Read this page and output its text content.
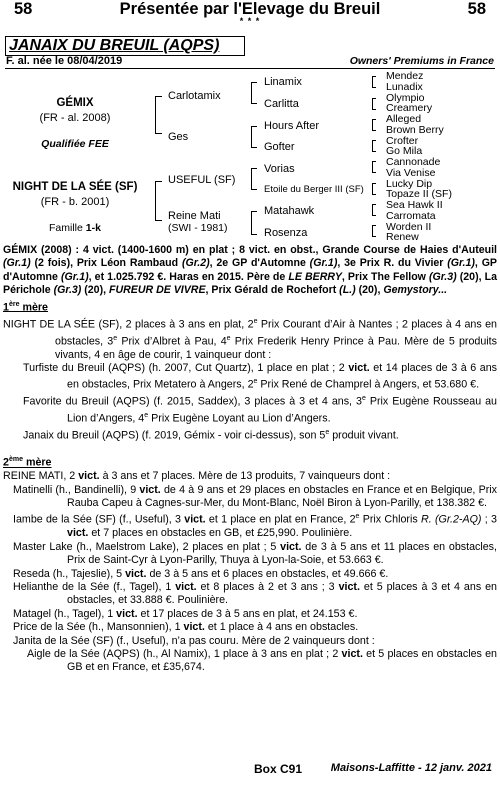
58	Présentée par l'Elevage du Breuil	58
* * *
JANAIX DU BREUIL (AQPS)
F. al. née le 08/04/2019	Owners' Premiums in France
GÉMIX
(FR - al. 2008)
Qualifiée FEE
NIGHT DE LA SÉE (SF)
(FR - b. 2001)
Famille 1-k
Carlotamix
Ges
USEFUL (SF)
Reine Mati
(SWI - 1981)
Linamix
Carlitta
Hours After
Gofter
Vorias
Etoile du Berger III (SF)
Matahawk
Rosenza
Mendez
Lunadix
Olympio
Creamery
Alleged
Brown Berry
Crofter
Go Mila
Cannonade
Via Venise
Lucky Dip
Topaze II (SF)
Sea Hawk II
Carromata
Worden II
Renew

GÉMIX (2008) : 4 vict. (1400-1600 m) en plat ; 8 vict. en obst., Grande Course de Haies d'Auteuil (Gr.1) (2 fois), Prix Léon Rambaud (Gr.2), 2e GP d'Automne (Gr.1), 3e Prix R. du Vivier (Gr.1), GP d'Automne (Gr.1), et 1.025.792 €. Haras en 2015. Père de LE BERRY, Prix The Fellow (Gr.3) (20), La Périchole (Gr.3) (20), FUREUR DE VIVRE, Prix Gérald de Rochefort (L.) (20), Gemystory...

1ère mère

NIGHT DE LA SÉE (SF), 2 places à 3 ans en plat, 2e Prix Courant d’Air à Nantes ; 2 places à 4 ans en obstacles, 3e Prix d’Albret à Pau, 4e Prix Frederik Henry Prince à Pau. Mère de 5 produits vivants, 4 en âge de courir, 1 vainqueur dont :

Turfiste du Breuil (AQPS) (h. 2007, Cut Quartz), 1 place en plat ; 2 vict. et 14 places de 3 à 6 ans en obstacles, Prix Metatero à Angers, 2e Prix René de Champrel à Angers, et 53.680 €.

Favorite du Breuil (AQPS) (f. 2015, Saddex), 3 places à 3 et 4 ans, 3e Prix Eugène Rousseau au Lion d’Angers, 4e Prix Eugène Loyant au Lion d’Angers.

Janaix du Breuil (AQPS) (f. 2019, Gémix - voir ci-dessus), son 5e produit vivant.

2ème mère

REINE MATI, 2 vict. à 3 ans et 7 places. Mère de 13 produits, 7 vainqueurs dont :

Matinelli (h., Bandinelli), 9 vict. de 4 à 9 ans et 29 places en obstacles en France et en Belgique, Prix Rauba Capeu à Cagnes-sur-Mer, du Mont-Blanc, Noël Biron à Lyon-Parilly, et 138.382 €.

Iambe de la Sée (SF) (f., Useful), 3 vict. et 1 place en plat en France, 2e Prix Chloris R. (Gr.2-AQ) ; 3 vict. et 7 places en obstacles en GB, et £25,990. Poulinière.

Master Lake (h., Maelstrom Lake), 2 places en plat ; 5 vict. de 3 à 5 ans et 11 places en obstacles, Prix de Saint-Cyr à Lyon-Parilly, Thuya à Lyon-la-Soie, et 53.663 €.

Reseda (h., Tajeslie), 5 vict. de 3 à 5 ans et 6 places en obstacles, et 49.666 €.

Helianthe de la Sée (f., Tagel), 1 vict. et 8 places à 2 et 3 ans ; 3 vict. et 5 places à 3 et 4 ans en obstacles, et 33.888 €. Poulinière.

Matagel (h., Tagel), 1 vict. et 17 places de 3 à 5 ans en plat, et 24.153 €.

Price de la Sée (h., Mansonnien), 1 vict. et 1 place à 4 ans en obstacles.

Janita de la Sée (SF) (f., Useful), n’a pas couru. Mère de 2 vainqueurs dont :

Aigle de la Sée (AQPS) (h., Al Namix), 1 place à 3 ans en plat ; 2 vict. et 5 places en obstacles en GB et en France, et £35,674.

Box C91	Maisons-Laffitte - 12 janv. 2021
